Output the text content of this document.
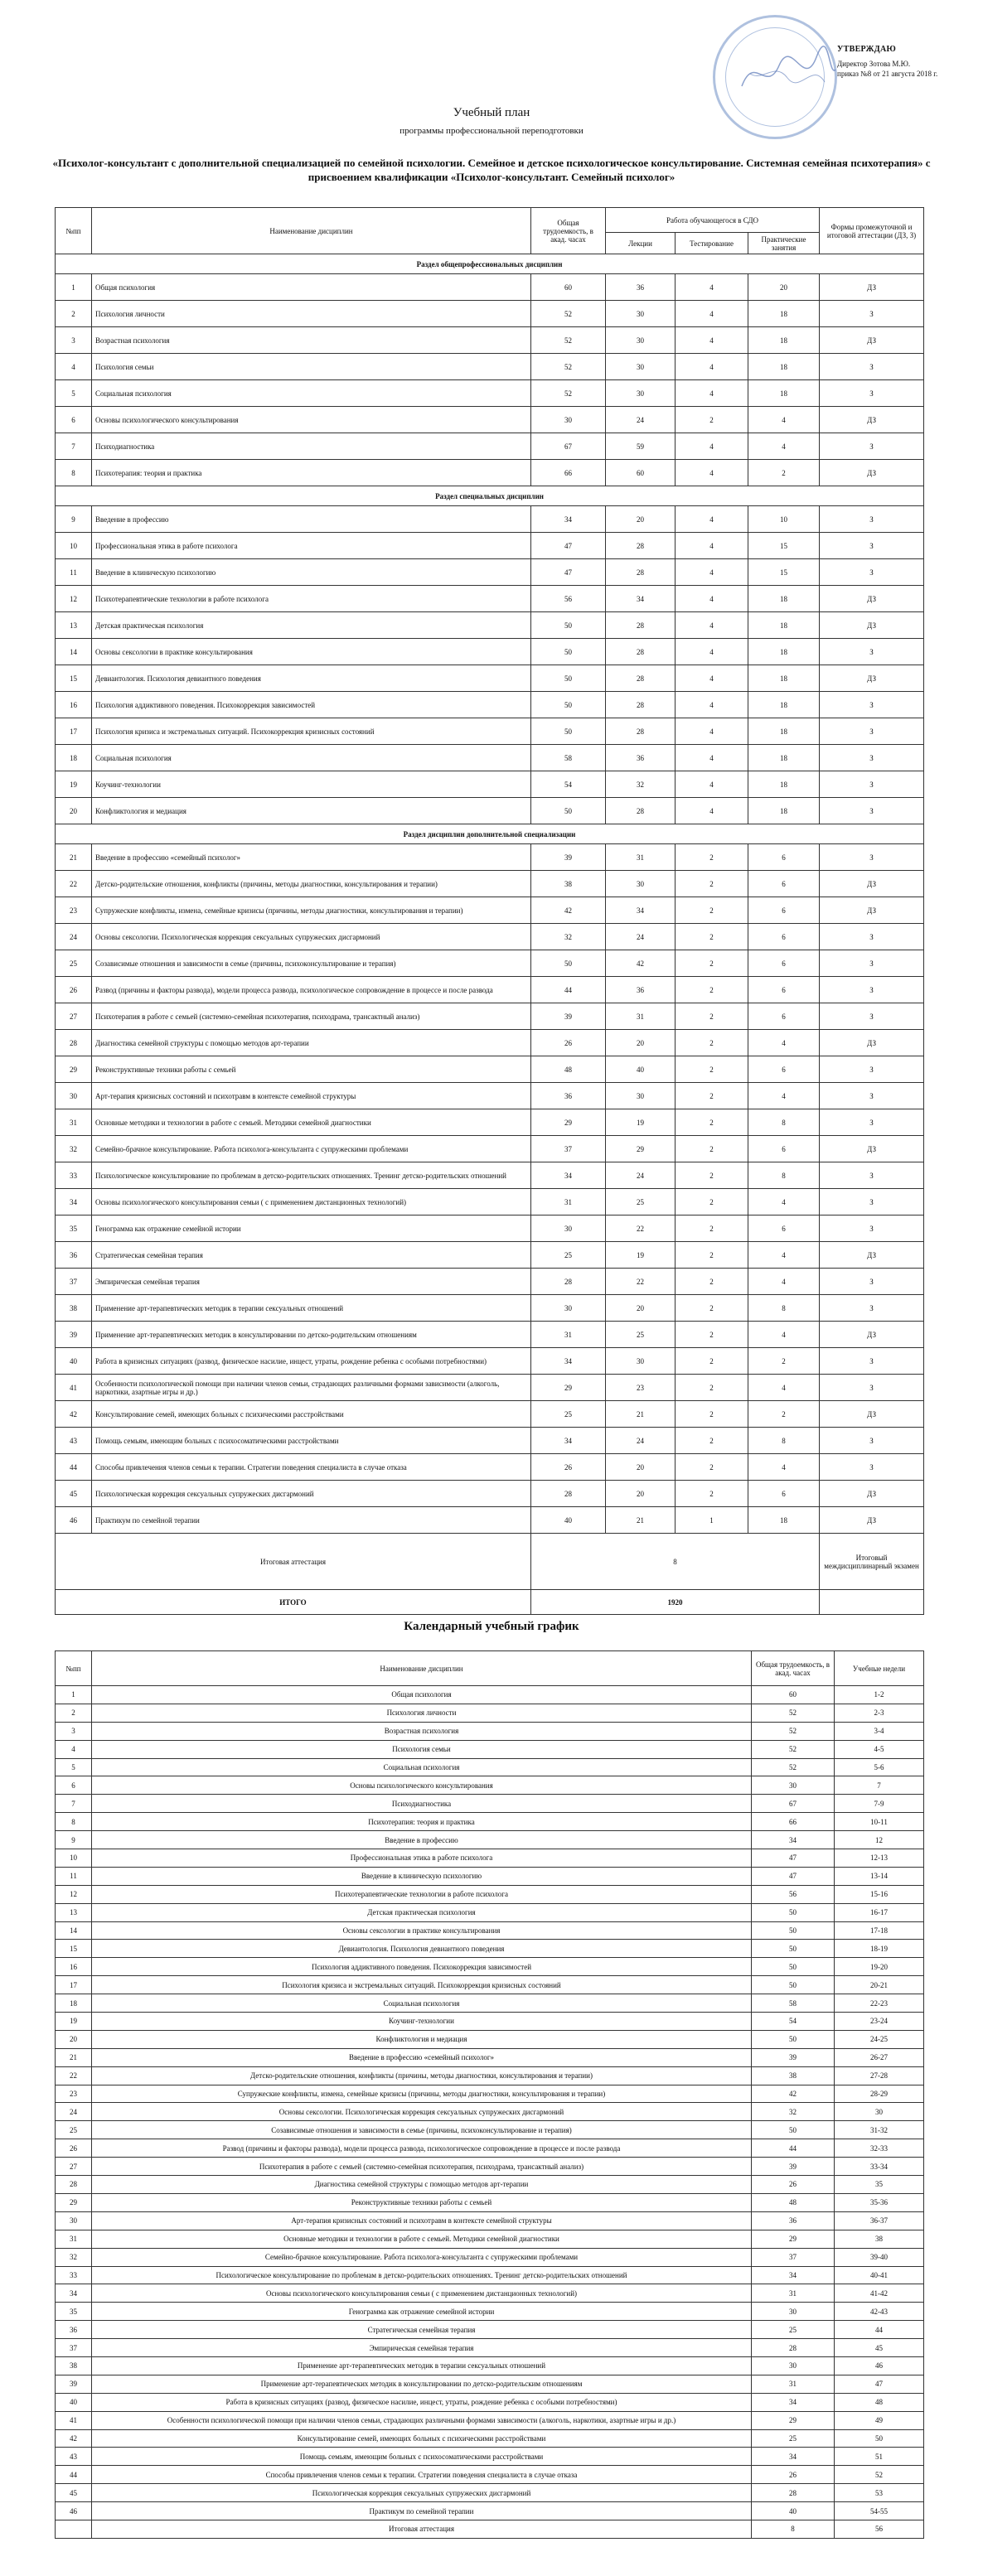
УТВЕРЖДАЮ
Директор Зотова М.Ю.
приказ №8 от 21 августа 2018 г.
Учебный план
программы профессиональной переподготовки
«Психолог-консультант с дополнительной специализацией по семейной психологии. Семейное и детское психологическое консультирование. Системная семейная психотерапия» с присвоением квалификации «Психолог-консультант. Семейный психолог»
№пп	Наименование дисциплин	Общая трудоемкость, в акад. часах	Работа обучающегося в СДО			Формы промежуточной и итоговой аттестации (ДЗ, З)
			Лекции	Тестирование	Практические занятия	
Раздел общепрофессиональных дисциплин						
1	Общая психология	60	36	4	20	ДЗ
2	Психология личности	52	30	4	18	З
3	Возрастная психология	52	30	4	18	ДЗ
4	Психология семьи	52	30	4	18	З
5	Социальная психология	52	30	4	18	З
6	Основы психологического консультирования	30	24	2	4	ДЗ
7	Психодиагностика	67	59	4	4	З
8	Психотерапия: теория и практика	66	60	4	2	ДЗ
Раздел специальных дисциплин						
9	Введение в профессию	34	20	4	10	З
10	Профессиональная этика в работе психолога	47	28	4	15	З
11	Введение в клиническую психологию	47	28	4	15	З
12	Психотерапевтические технологии в работе психолога	56	34	4	18	ДЗ
13	Детская практическая психология	50	28	4	18	ДЗ
14	Основы сексологии в практике консультирования	50	28	4	18	З
15	Девиантология. Психология девиантного поведения	50	28	4	18	ДЗ
16	Психология аддиктивного поведения. Психокоррекция зависимостей	50	28	4	18	З
17	Психология кризиса и экстремальных ситуаций. Психокоррекция кризисных состояний	50	28	4	18	З
18	Социальная психология	58	36	4	18	З
19	Коучинг-технологии	54	32	4	18	З
20	Конфликтология и медиация	50	28	4	18	З
Раздел дисциплин дополнительной специализации						
21	Введение в профессию «семейный психолог»	39	31	2	6	З
22	Детско-родительские отношения, конфликты (причины, методы диагностики, консультирования и терапии)	38	30	2	6	ДЗ
23	Супружеские конфликты, измена, семейные кризисы (причины, методы диагностики, консультирования и терапии)	42	34	2	6	ДЗ
24	Основы сексологии. Психологическая коррекция сексуальных супружеских дисгармоний	32	24	2	6	З
25	Созависимые отношения и зависимости в семье (причины, психоконсультирование и терапия)	50	42	2	6	З
26	Развод (причины и факторы развода), модели процесса развода, психологическое сопровождение в процессе и после развода	44	36	2	6	З
27	Психотерапия в работе с семьей (системно-семейная психотерапия, психодрама, трансактный анализ)	39	31	2	6	З
28	Диагностика семейной структуры с помощью методов арт-терапии	26	20	2	4	ДЗ
29	Реконструктивные техники работы с семьей	48	40	2	6	З
30	Арт-терапия кризисных состояний и психотравм в контексте семейной структуры	36	30	2	4	З
31	Основные методики и технологии в работе с семьей. Методики семейной диагностики	29	19	2	8	З
32	Семейно-брачное консультирование. Работа психолога-консультанта с супружескими проблемами	37	29	2	6	ДЗ
33	Психологическое консультирование по проблемам в детско-родительских отношениях. Тренинг детско-родительских отношений	34	24	2	8	З
34	Основы психологического консультирования семьи ( с применением дистанционных технологий)	31	25	2	4	З
35	Генограмма как отражение семейной истории	30	22	2	6	З
36	Стратегическая семейная терапия	25	19	2	4	ДЗ
37	Эмпирическая семейная терапия	28	22	2	4	З
38	Применение арт-терапевтических методик в терапии сексуальных отношений	30	20	2	8	З
39	Применение арт-терапевтических методик в консультировании по детско-родительским отношениям	31	25	2	4	ДЗ
40	Работа в кризисных ситуациях (развод, физическое насилие, инцест, утраты, рождение ребенка с особыми потребностями)	34	30	2	2	З
41	Особенности психологической помощи при наличии членов семьи, страдающих различными формами зависимости (алкоголь, наркотики, азартные игры и др.)	29	23	2	4	З
42	Консультирование семей, имеющих больных с психическими расстройствами	25	21	2	2	ДЗ
43	Помощь семьям, имеющим больных с психосоматическими расстройствами	34	24	2	8	З
44	Способы привлечения членов семьи к терапии. Стратегии поведения специалиста в случае отказа	26	20	2	4	З
45	Психологическая коррекция сексуальных супружеских дисгармоний	28	20	2	6	ДЗ
46	Практикум по семейной терапии	40	21	1	18	ДЗ
Итоговая аттестация		8				Итоговый междисциплинарный экзамен
ИТОГО		1920				
Календарный учебный график
№пп	Наименование дисциплин	Общая трудоемкость, в акад. часах	Учебные недели
1	Общая психология	60	1-2
2	Психология личности	52	2-3
3	Возрастная психология	52	3-4
4	Психология семьи	52	4-5
5	Социальная психология	52	5-6
6	Основы психологического консультирования	30	7
7	Психодиагностика	67	7-9
8	Психотерапия: теория и практика	66	10-11
9	Введение в профессию	34	12
10	Профессиональная этика в работе психолога	47	12-13
11	Введение в клиническую психологию	47	13-14
12	Психотерапевтические технологии в работе психолога	56	15-16
13	Детская практическая психология	50	16-17
14	Основы сексологии в практике консультирования	50	17-18
15	Девиантология. Психология девиантного поведения	50	18-19
16	Психология аддиктивного поведения. Психокоррекция зависимостей	50	19-20
17	Психология кризиса и экстремальных ситуаций. Психокоррекция кризисных состояний	50	20-21
18	Социальная психология	58	22-23
19	Коучинг-технологии	54	23-24
20	Конфликтология и медиация	50	24-25
21	Введение в профессию «семейный психолог»	39	26-27
22	Детско-родительские отношения, конфликты (причины, методы диагностики, консультирования и терапии)	38	27-28
23	Супружеские конфликты, измена, семейные кризисы (причины, методы диагностики, консультирования и терапии)	42	28-29
24	Основы сексологии. Психологическая коррекция сексуальных супружеских дисгармоний	32	30
25	Созависимые отношения и зависимости в семье (причины, психоконсультирование и терапия)	50	31-32
26	Развод (причины и факторы развода), модели процесса развода, психологическое сопровождение в процессе и после развода	44	32-33
27	Психотерапия в работе с семьей (системно-семейная психотерапия, психодрама, трансактный анализ)	39	33-34
28	Диагностика семейной структуры с помощью методов арт-терапии	26	35
29	Реконструктивные техники работы с семьей	48	35-36
30	Арт-терапия кризисных состояний и психотравм в контексте семейной структуры	36	36-37
31	Основные методики и технологии в работе с семьей. Методики семейной диагностики	29	38
32	Семейно-брачное консультирование. Работа психолога-консультанта с супружескими проблемами	37	39-40
33	Психологическое консультирование по проблемам в детско-родительских отношениях. Тренинг детско-родительских отношений	34	40-41
34	Основы психологического консультирования семьи ( с применением дистанционных технологий)	31	41-42
35	Генограмма как отражение семейной истории	30	42-43
36	Стратегическая семейная терапия	25	44
37	Эмпирическая семейная терапия	28	45
38	Применение арт-терапевтических методик в терапии сексуальных отношений	30	46
39	Применение арт-терапевтических методик в консультировании по детско-родительским отношениям	31	47
40	Работа в кризисных ситуациях (развод, физическое насилие, инцест, утраты, рождение ребенка с особыми потребностями)	34	48
41	Особенности психологической помощи при наличии членов семьи, страдающих различными формами зависимости (алкоголь, наркотики, азартные игры и др.)	29	49
42	Консультирование семей, имеющих больных с психическими расстройствами	25	50
43	Помощь семьям, имеющим больных с психосоматическими расстройствами	34	51
44	Способы привлечения членов семьи к терапии. Стратегии поведения специалиста в случае отказа	26	52
45	Психологическая коррекция сексуальных супружеских дисгармоний	28	53
46	Практикум по семейной терапии	40	54-55
	Итоговая аттестация	8	56
